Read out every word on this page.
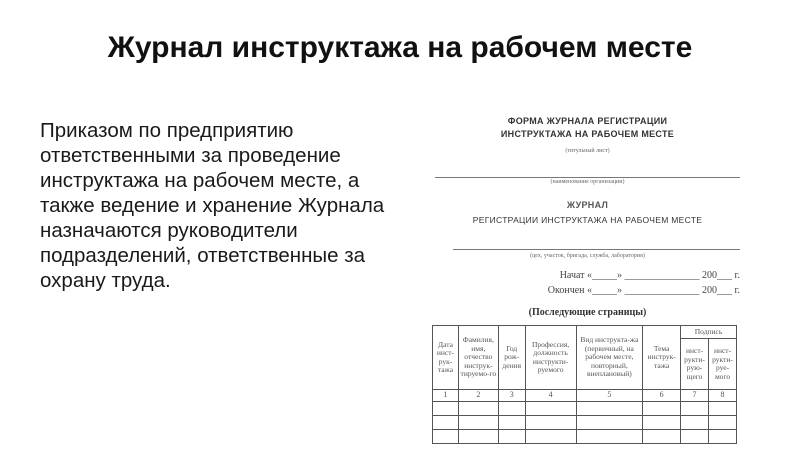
Журнал инструктажа на рабочем месте
Приказом по предприятию ответственными за проведение инструктажа на рабочем месте, а также ведение и хранение Журнала назначаются руководители подразделений, ответственные за охрану труда.
ФОРМА ЖУРНАЛА РЕГИСТРАЦИИ
ИНСТРУКТАЖА НА РАБОЧЕМ МЕСТЕ
(титульный лист)
(наименование организации)
ЖУРНАЛ
РЕГИСТРАЦИИ ИНСТРУКТАЖА НА РАБОЧЕМ МЕСТЕ
(цех, участок, бригада, служба, лаборатория)
Начат «_____» _______________ 200___ г.
Окончен «_____» _______________ 200___ г.
(Последующие страницы)
Дата инст-рук-тажа	Фамилия, имя, отчество инструк-тируемо-го	Год рож-дения	Профессия, должность инструкти-руемого	Вид инструкта-жа (первичный, на рабочем месте, повторный, внеплановый)	Тема инструк-тажа	Подпись	
						инст-рукти-рую-щего	инст-рукти-руе-мого
1	2	3	4	5	6	7	8
